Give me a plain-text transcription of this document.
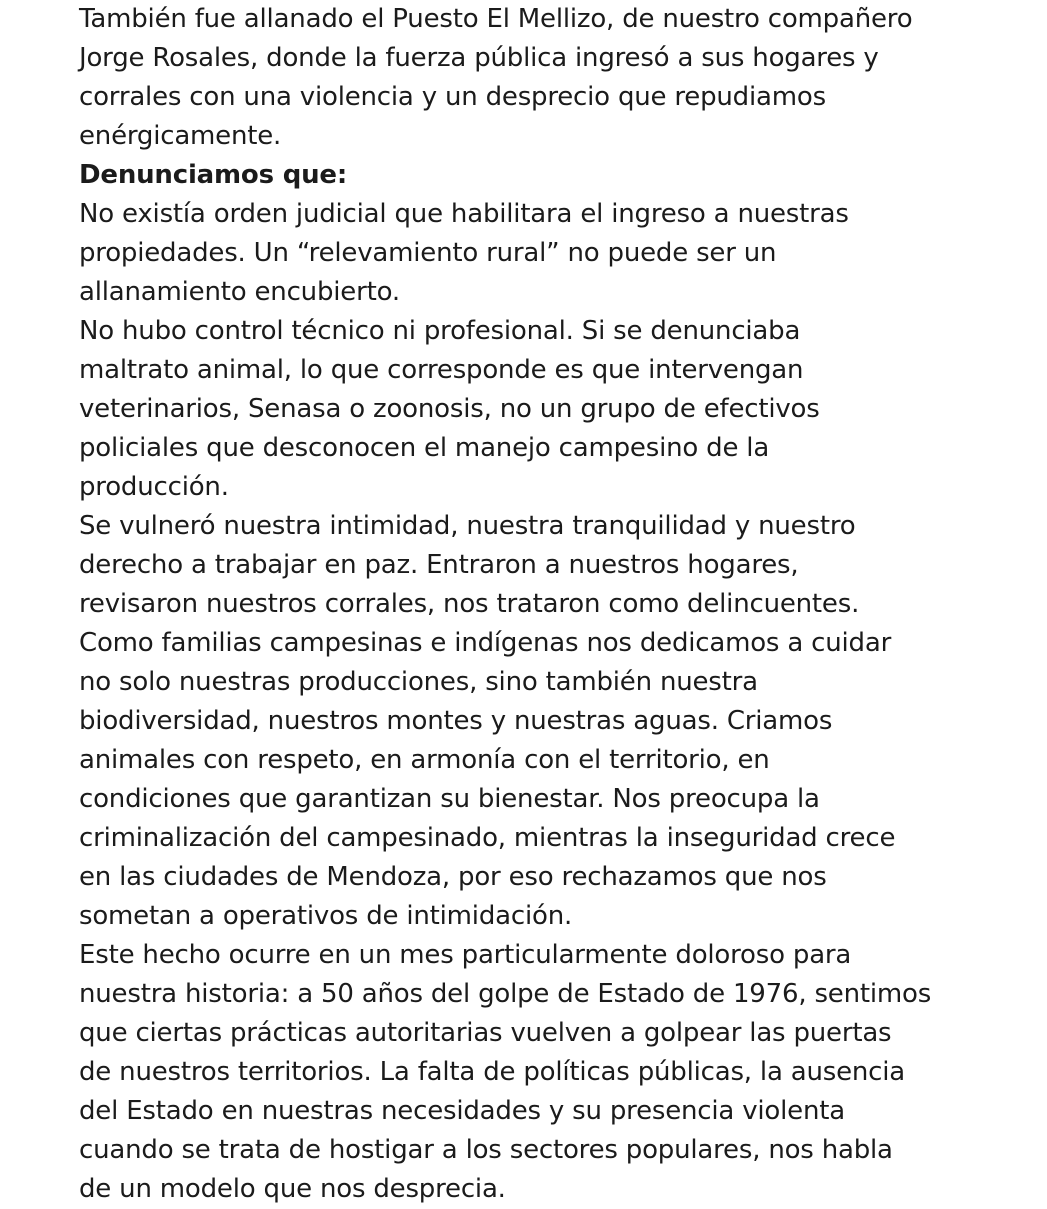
También fue allanado el Puesto El Mellizo, de nuestro compañero
Jorge Rosales, donde la fuerza pública ingresó a sus hogares y
corrales con una violencia y un desprecio que repudiamos
enérgicamente.
Denunciamos que:
No existía orden judicial que habilitara el ingreso a nuestras
propiedades. Un “relevamiento rural” no puede ser un
allanamiento encubierto.
No hubo control técnico ni profesional. Si se denunciaba
maltrato animal, lo que corresponde es que intervengan
veterinarios, Senasa o zoonosis, no un grupo de efectivos
policiales que desconocen el manejo campesino de la
producción.
Se vulneró nuestra intimidad, nuestra tranquilidad y nuestro
derecho a trabajar en paz. Entraron a nuestros hogares,
revisaron nuestros corrales, nos trataron como delincuentes.
Como familias campesinas e indígenas nos dedicamos a cuidar
no solo nuestras producciones, sino también nuestra
biodiversidad, nuestros montes y nuestras aguas. Criamos
animales con respeto, en armonía con el territorio, en
condiciones que garantizan su bienestar. Nos preocupa la
criminalización del campesinado, mientras la inseguridad crece
en las ciudades de Mendoza, por eso rechazamos que nos
sometan a operativos de intimidación.
Este hecho ocurre en un mes particularmente doloroso para
nuestra historia: a 50 años del golpe de Estado de 1976, sentimos
que ciertas prácticas autoritarias vuelven a golpear las puertas
de nuestros territorios. La falta de políticas públicas, la ausencia
del Estado en nuestras necesidades y su presencia violenta
cuando se trata de hostigar a los sectores populares, nos habla
de un modelo que nos desprecia.
